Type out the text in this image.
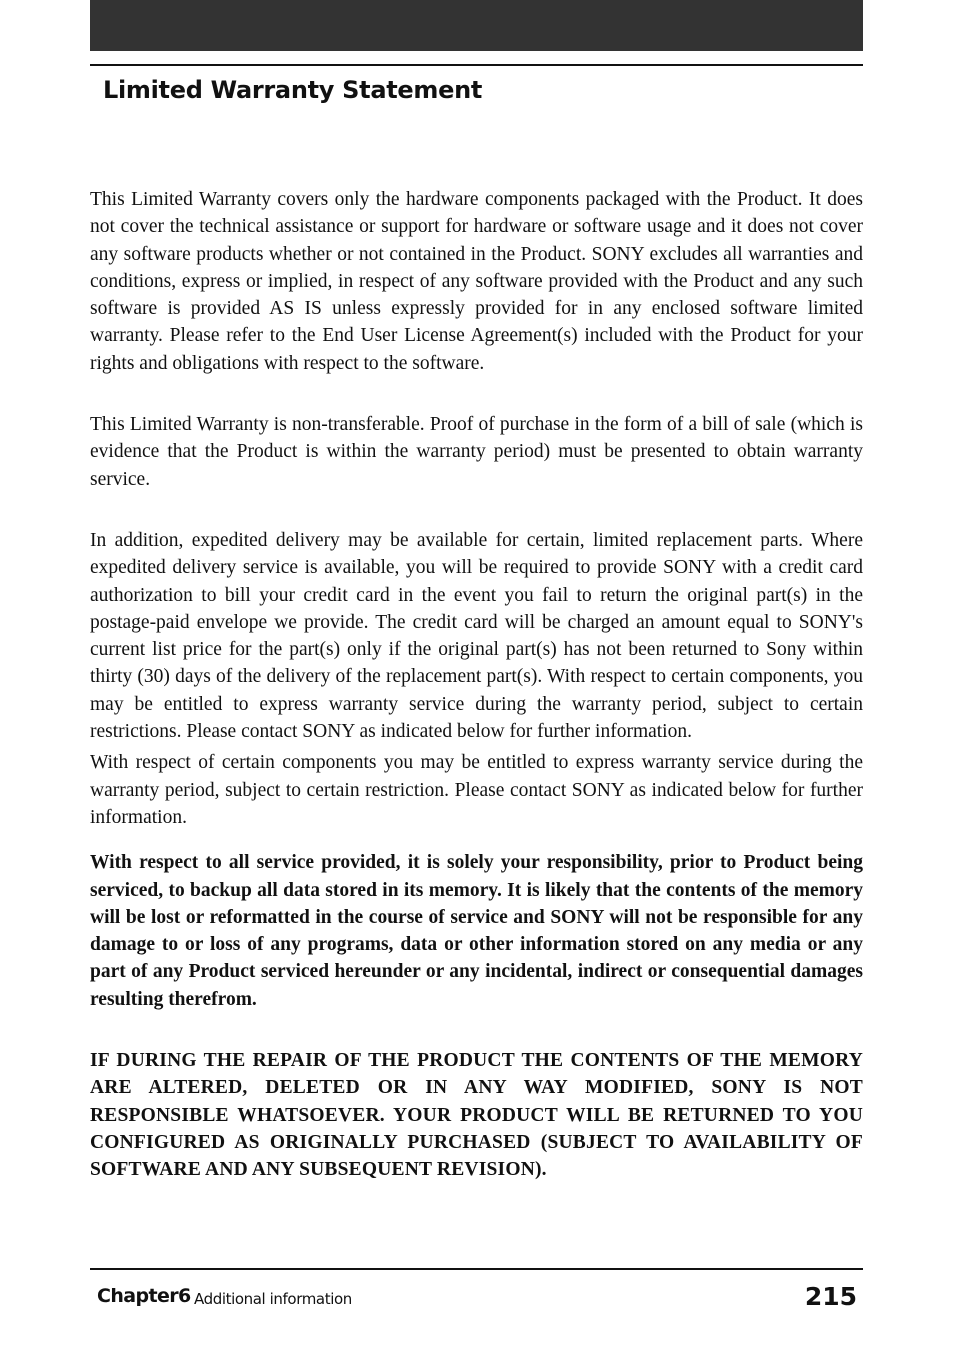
Limited Warranty Statement

This Limited Warranty covers only the hardware components packaged with the Product. It does not cover the technical assistance or support for hardware or software usage and it does not cover any software products whether or not contained in the Product. SONY excludes all warranties and conditions, express or implied, in respect of any software provided with the Product and any such software is provided AS IS unless expressly provided for in any enclosed software limited warranty. Please refer to the End User License Agreement(s) included with the Product for your rights and obligations with respect to the software.

This Limited Warranty is non-transferable. Proof of purchase in the form of a bill of sale (which is evidence that the Product is within the warranty period) must be presented to obtain warranty service.

In addition, expedited delivery may be available for certain, limited replacement parts. Where expedited delivery service is available, you will be required to provide SONY with a credit card authorization to bill your credit card in the event you fail to return the original part(s) in the postage-paid envelope we provide. The credit card will be charged an amount equal to SONY's current list price for the part(s) only if the original part(s) has not been returned to Sony within thirty (30) days of the delivery of the replacement part(s). With respect to certain components, you may be entitled to express warranty service during the warranty period, subject to certain restrictions. Please contact SONY as indicated below for further information.

With respect of certain components you may be entitled to express warranty service during the warranty period, subject to certain restriction. Please contact SONY as indicated below for further information.

With respect to all service provided, it is solely your responsibility, prior to Product being serviced, to backup all data stored in its memory. It is likely that the contents of the memory will be lost or reformatted in the course of service and SONY will not be responsible for any damage to or loss of any programs, data or other information stored on any media or any part of any Product serviced hereunder or any incidental, indirect or consequential damages resulting therefrom.

IF DURING THE REPAIR OF THE PRODUCT THE CONTENTS OF THE MEMORY ARE ALTERED, DELETED OR IN ANY WAY MODIFIED, SONY IS NOT RESPONSIBLE WHATSOEVER. YOUR PRODUCT WILL BE RETURNED TO YOU CONFIGURED AS ORIGINALLY PURCHASED (SUBJECT TO AVAILABILITY OF SOFTWARE AND ANY SUBSEQUENT REVISION).

Chapter6 Additional information	215
